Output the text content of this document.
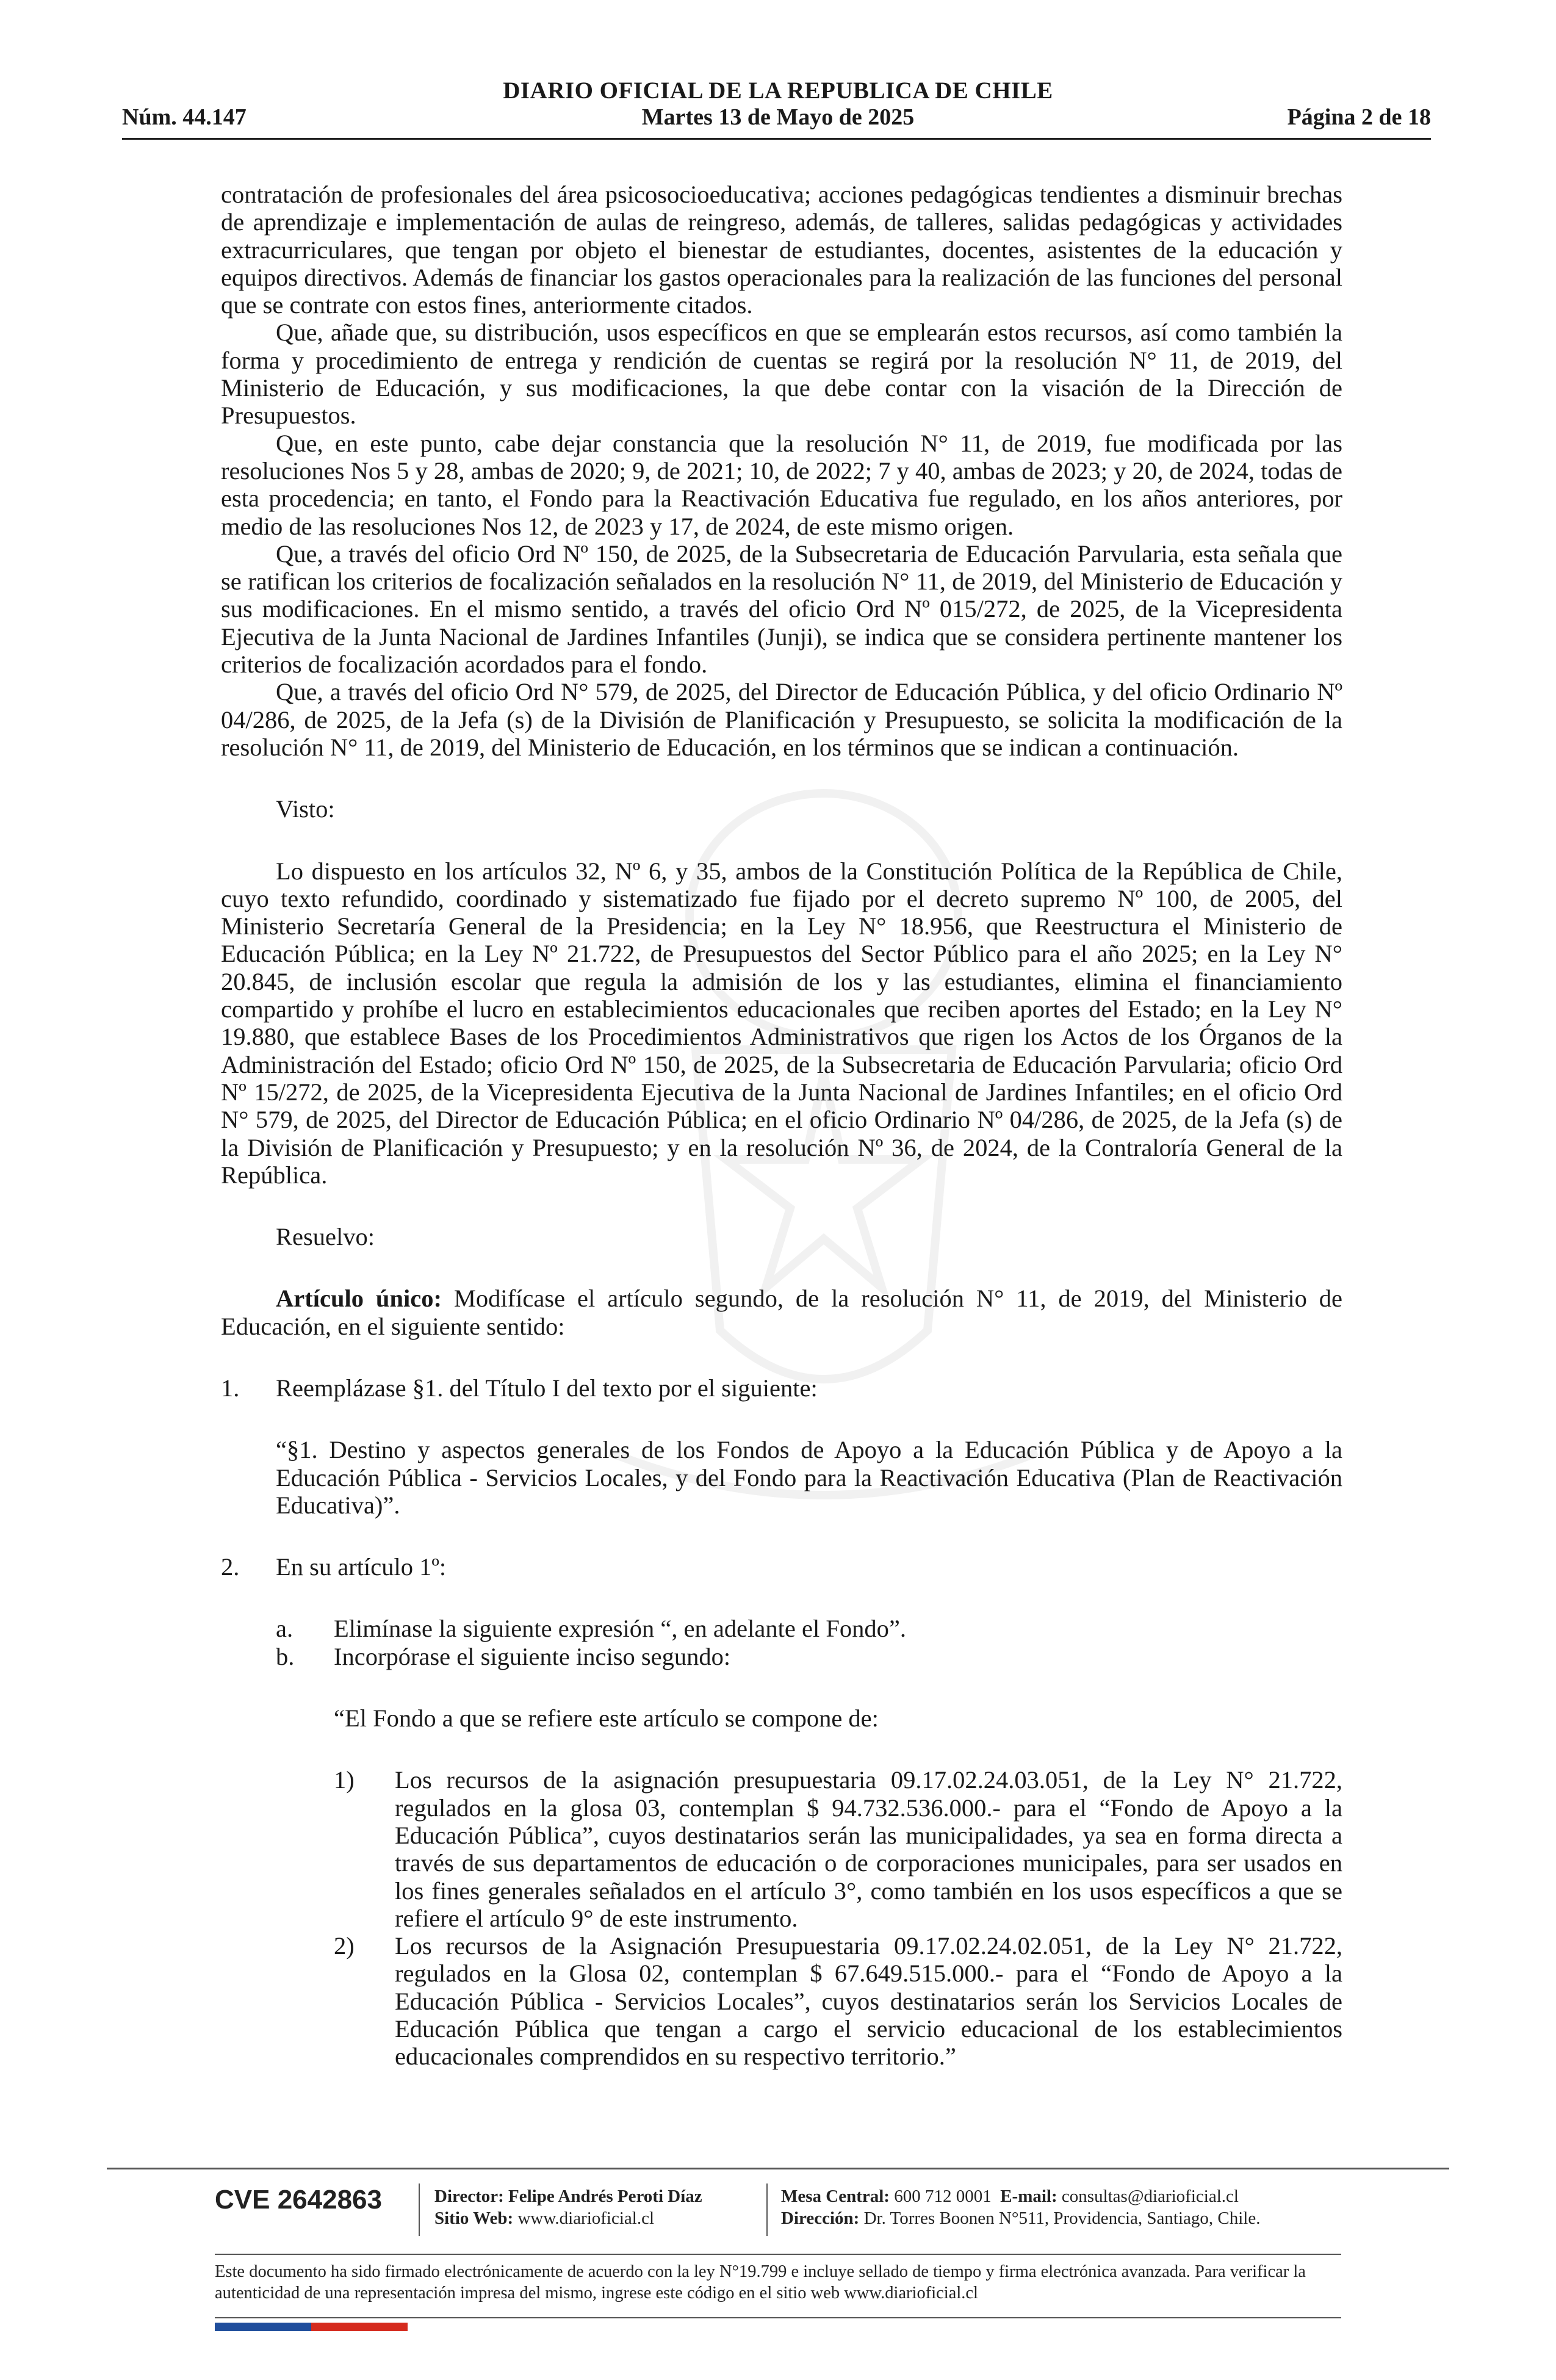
DIARIO OFICIAL DE LA REPUBLICA DE CHILE
Núm. 44.147	Martes 13 de Mayo de 2025	Página 2 de 18

contratación de profesionales del área psicosocioeducativa; acciones pedagógicas tendientes a disminuir brechas de aprendizaje e implementación de aulas de reingreso, además, de talleres, salidas pedagógicas y actividades extracurriculares, que tengan por objeto el bienestar de estudiantes, docentes, asistentes de la educación y equipos directivos. Además de financiar los gastos operacionales para la realización de las funciones del personal que se contrate con estos fines, anteriormente citados.

Que, añade que, su distribución, usos específicos en que se emplearán estos recursos, así como también la forma y procedimiento de entrega y rendición de cuentas se regirá por la resolución N° 11, de 2019, del Ministerio de Educación, y sus modificaciones, la que debe contar con la visación de la Dirección de Presupuestos.

Que, en este punto, cabe dejar constancia que la resolución N° 11, de 2019, fue modificada por las resoluciones Nos 5 y 28, ambas de 2020; 9, de 2021; 10, de 2022; 7 y 40, ambas de 2023; y 20, de 2024, todas de esta procedencia; en tanto, el Fondo para la Reactivación Educativa fue regulado, en los años anteriores, por medio de las resoluciones Nos 12, de 2023 y 17, de 2024, de este mismo origen.

Que, a través del oficio Ord Nº 150, de 2025, de la Subsecretaria de Educación Parvularia, esta señala que se ratifican los criterios de focalización señalados en la resolución N° 11, de 2019, del Ministerio de Educación y sus modificaciones. En el mismo sentido, a través del oficio Ord Nº 015/272, de 2025, de la Vicepresidenta Ejecutiva de la Junta Nacional de Jardines Infantiles (Junji), se indica que se considera pertinente mantener los criterios de focalización acordados para el fondo.

Que, a través del oficio Ord N° 579, de 2025, del Director de Educación Pública, y del oficio Ordinario Nº 04/286, de 2025, de la Jefa (s) de la División de Planificación y Presupuesto, se solicita la modificación de la resolución N° 11, de 2019, del Ministerio de Educación, en los términos que se indican a continuación.

Visto:

Lo dispuesto en los artículos 32, Nº 6, y 35, ambos de la Constitución Política de la República de Chile, cuyo texto refundido, coordinado y sistematizado fue fijado por el decreto supremo Nº 100, de 2005, del Ministerio Secretaría General de la Presidencia; en la Ley N° 18.956, que Reestructura el Ministerio de Educación Pública; en la Ley Nº 21.722, de Presupuestos del Sector Público para el año 2025; en la Ley N° 20.845, de inclusión escolar que regula la admisión de los y las estudiantes, elimina el financiamiento compartido y prohíbe el lucro en establecimientos educacionales que reciben aportes del Estado; en la Ley N° 19.880, que establece Bases de los Procedimientos Administrativos que rigen los Actos de los Órganos de la Administración del Estado; oficio Ord Nº 150, de 2025, de la Subsecretaria de Educación Parvularia; oficio Ord Nº 15/272, de 2025, de la Vicepresidenta Ejecutiva de la Junta Nacional de Jardines Infantiles; en el oficio Ord N° 579, de 2025, del Director de Educación Pública; en el oficio Ordinario Nº 04/286, de 2025, de la Jefa (s) de la División de Planificación y Presupuesto; y en la resolución Nº 36, de 2024, de la Contraloría General de la República.

Resuelvo:

Artículo único: Modifícase el artículo segundo, de la resolución N° 11, de 2019, del Ministerio de Educación, en el siguiente sentido:

1. Reemplázase §1. del Título I del texto por el siguiente:

“§1. Destino y aspectos generales de los Fondos de Apoyo a la Educación Pública y de Apoyo a la Educación Pública - Servicios Locales, y del Fondo para la Reactivación Educativa (Plan de Reactivación Educativa)”.

2. En su artículo 1º:

a. Elimínase la siguiente expresión “, en adelante el Fondo”.

b. Incorpórase el siguiente inciso segundo:

“El Fondo a que se refiere este artículo se compone de:

1) Los recursos de la asignación presupuestaria 09.17.02.24.03.051, de la Ley N° 21.722, regulados en la glosa 03, contemplan $ 94.732.536.000.- para el “Fondo de Apoyo a la Educación Pública”, cuyos destinatarios serán las municipalidades, ya sea en forma directa a través de sus departamentos de educación o de corporaciones municipales, para ser usados en los fines generales señalados en el artículo 3°, como también en los usos específicos a que se refiere el artículo 9° de este instrumento.

2) Los recursos de la Asignación Presupuestaria 09.17.02.24.02.051, de la Ley N° 21.722, regulados en la Glosa 02, contemplan $ 67.649.515.000.- para el “Fondo de Apoyo a la Educación Pública - Servicios Locales”, cuyos destinatarios serán los Servicios Locales de Educación Pública que tengan a cargo el servicio educacional de los establecimientos educacionales comprendidos en su respectivo territorio.”

CVE 2642863	Director: Felipe Andrés Peroti Díaz
Sitio Web: www.diarioficial.cl
Mesa Central: 600 712 0001 E-mail: consultas@diarioficial.cl
Dirección: Dr. Torres Boonen N°511, Providencia, Santiago, Chile.
Este documento ha sido firmado electrónicamente de acuerdo con la ley N°19.799 e incluye sellado de tiempo y firma electrónica avanzada. Para verificar la autenticidad de una representación impresa del mismo, ingrese este código en el sitio web www.diarioficial.cl
